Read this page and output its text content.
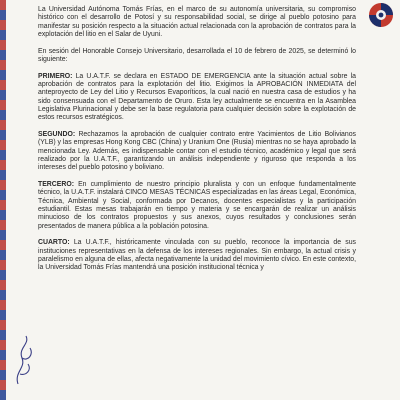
La Universidad Autónoma Tomás Frías, en el marco de su autonomía universitaria, su compromiso histórico con el desarrollo de Potosí y su responsabilidad social, se dirige al pueblo potosino para manifestar su posición respecto a la situación actual relacionada con la aprobación de contratos para la explotación del litio en el Salar de Uyuni.

En sesión del Honorable Consejo Universitario, desarrollada el 10 de febrero de 2025, se determinó lo siguiente:

PRIMERO: La U.A.T.F. se declara en ESTADO DE EMERGENCIA ante la situación actual sobre la aprobación de contratos para la explotación del litio. Exigimos la APROBACIÓN INMEDIATA del anteproyecto de Ley del Litio y Recursos Evaporíticos, la cual nació en nuestra casa de estudios y ha sido consensuada con el Departamento de Oruro. Esta ley actualmente se encuentra en la Asamblea Legislativa Plurinacional y debe ser la base regulatoria para cualquier decisión sobre la explotación de estos recursos estratégicos.

SEGUNDO: Rechazamos la aprobación de cualquier contrato entre Yacimientos de Litio Bolivianos (YLB) y las empresas Hong Kong CBC (China) y Uranium One (Rusia) mientras no se haya aprobado la mencionada Ley. Además, es indispensable contar con el estudio técnico, académico y legal que será realizado por la U.A.T.F., garantizando un análisis independiente y riguroso que responda a los intereses del pueblo potosino y boliviano.

TERCERO: En cumplimiento de nuestro principio pluralista y con un enfoque fundamentalmente técnico, la U.A.T.F. instalará CINCO MESAS TÉCNICAS especializadas en las áreas Legal, Económica, Técnica, Ambiental y Social, conformada por Decanos, docentes especialistas y la participación estudiantil. Estas mesas trabajarán en tiempo y materia y se encargarán de realizar un análisis minucioso de los contratos propuestos y sus anexos, cuyos resultados y conclusiones serán presentados de manera pública a la población potosina.

CUARTO: La U.A.T.F., históricamente vinculada con su pueblo, reconoce la importancia de sus instituciones representativas en la defensa de los intereses regionales. Sin embargo, la actual crisis y paralelismo en alguna de ellas, afecta negativamente la unidad del movimiento cívico. En este contexto, la Universidad Tomás Frías mantendrá una posición institucional técnica y
